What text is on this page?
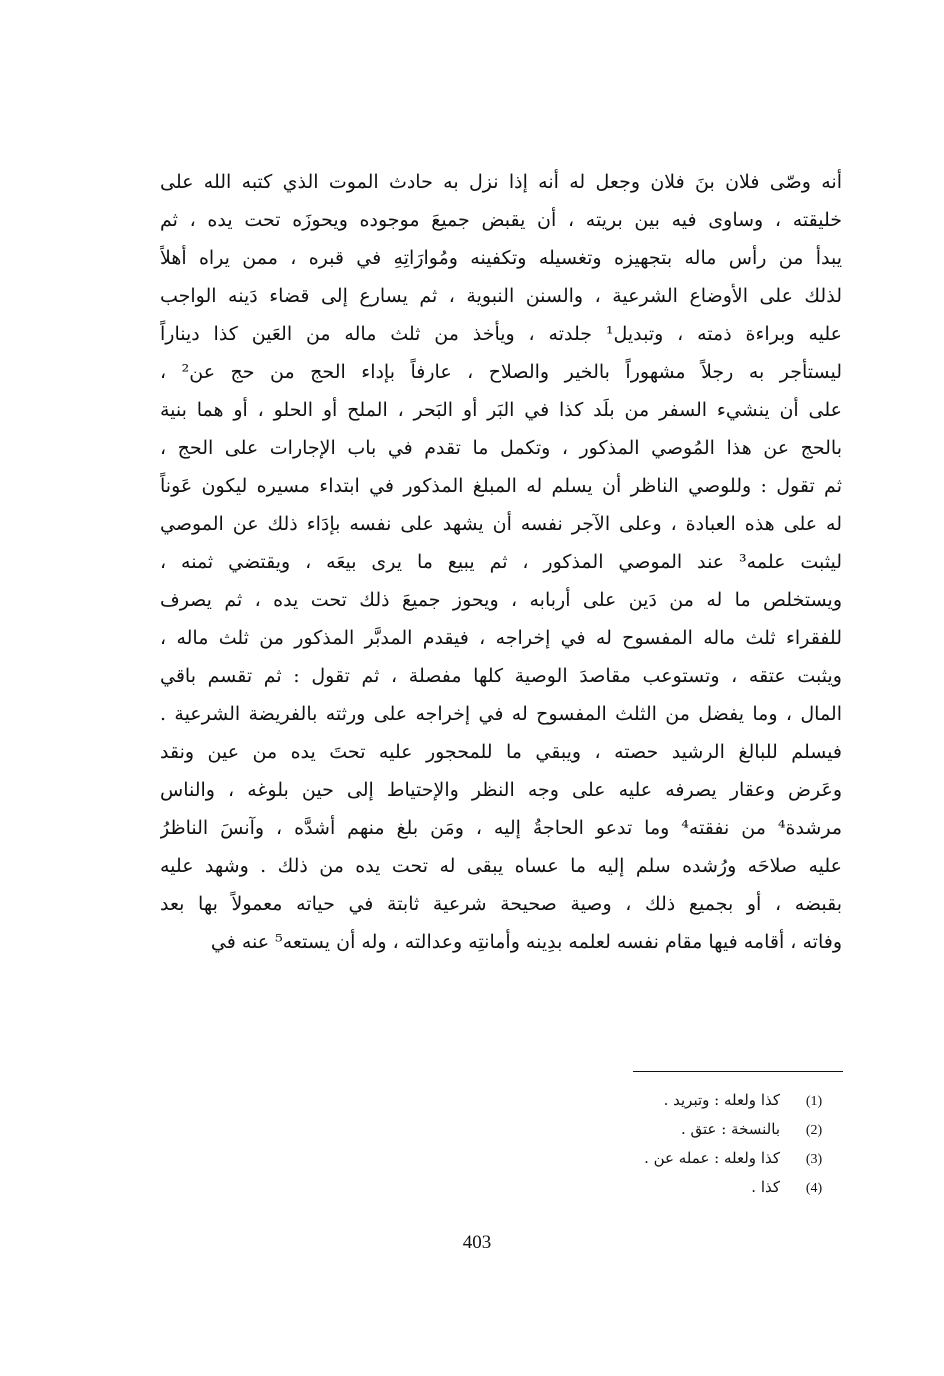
أنه وصّى فلان بنَ فلان وجعل له أنه إذا نزل به حادث الموت الذي كتبه الله على
خليقته ، وساوى فيه بين بريته ، أن يقبض جميعَ موجوده ويحوزَه تحت يده ، ثم
يبدأ من رأس ماله بتجهيزه وتغسيله وتكفينه ومُوارَاتِهِ في قبره ، ممن يراه أهلاً
لذلك على الأوضاع الشرعية ، والسنن النبوية ، ثم يسارع إلى قضاء دَينه الواجب
عليه وبراءة ذمته ، وتبديل¹ جلدته ، ويأخذ من ثلث ماله من العَين كذا ديناراً
ليستأجر به رجلاً مشهوراً بالخير والصلاح ، عارفاً بإداء الحج من حج عن² ،
على أن ينشيء السفر من بلَد كذا في البَر أو البَحر ، الملح أو الحلو ، أو هما بنية
بالحج عن هذا المُوصي المذكور ، وتكمل ما تقدم في باب الإجارات على الحج ،
ثم تقول : وللوصي الناظر أن يسلم له المبلغ المذكور في ابتداء مسيره ليكون عَوناً
له على هذه العبادة ، وعلى الآجر نفسه أن يشهد على نفسه بإدَاء ذلك عن الموصي
ليثبت علمه³ عند الموصي المذكور ، ثم يبيع ما يرى بيعَه ، ويقتضي ثمنه ،
ويستخلص ما له من دَين على أربابه ، ويحوز جميعَ ذلك تحت يده ، ثم يصرف
للفقراء ثلث ماله المفسوح له في إخراجه ، فيقدم المدبَّر المذكور من ثلث ماله ،
ويثبت عتقه ، وتستوعب مقاصدَ الوصية كلها مفصلة ، ثم تقول : ثم تقسم باقي
المال ، وما يفضل من الثلث المفسوح له في إخراجه على ورثته بالفريضة الشرعية .
فيسلم للبالغ الرشيد حصته ، ويبقي ما للمحجور عليه تحتَ يده من عين ونقد
وعَرض وعقار يصرفه عليه على وجه النظر والإحتياط إلى حين بلوغه ، والناس
مرشدة⁴ من نفقته⁴ وما تدعو الحاجةُ إليه ، ومَن بلغ منهم أشدَّه ، وآنسَ الناظرُ
عليه صلاحَه ورُشده سلم إليه ما عساه يبقى له تحت يده من ذلك . وشهد عليه
بقبضه ، أو بجميع ذلك ، وصية صحيحة شرعية ثابتة في حياته معمولاً بها بعد
وفاته ، أقامه فيها مقام نفسه لعلمه بدِينه وأمانتِه وعدالته ، وله أن يستعه⁵ عنه في
(1)كذا ولعله : وتبريد .
(2)بالنسخة : عتق .
(3)كذا ولعله : عمله عن .
(4)كذا .
403
